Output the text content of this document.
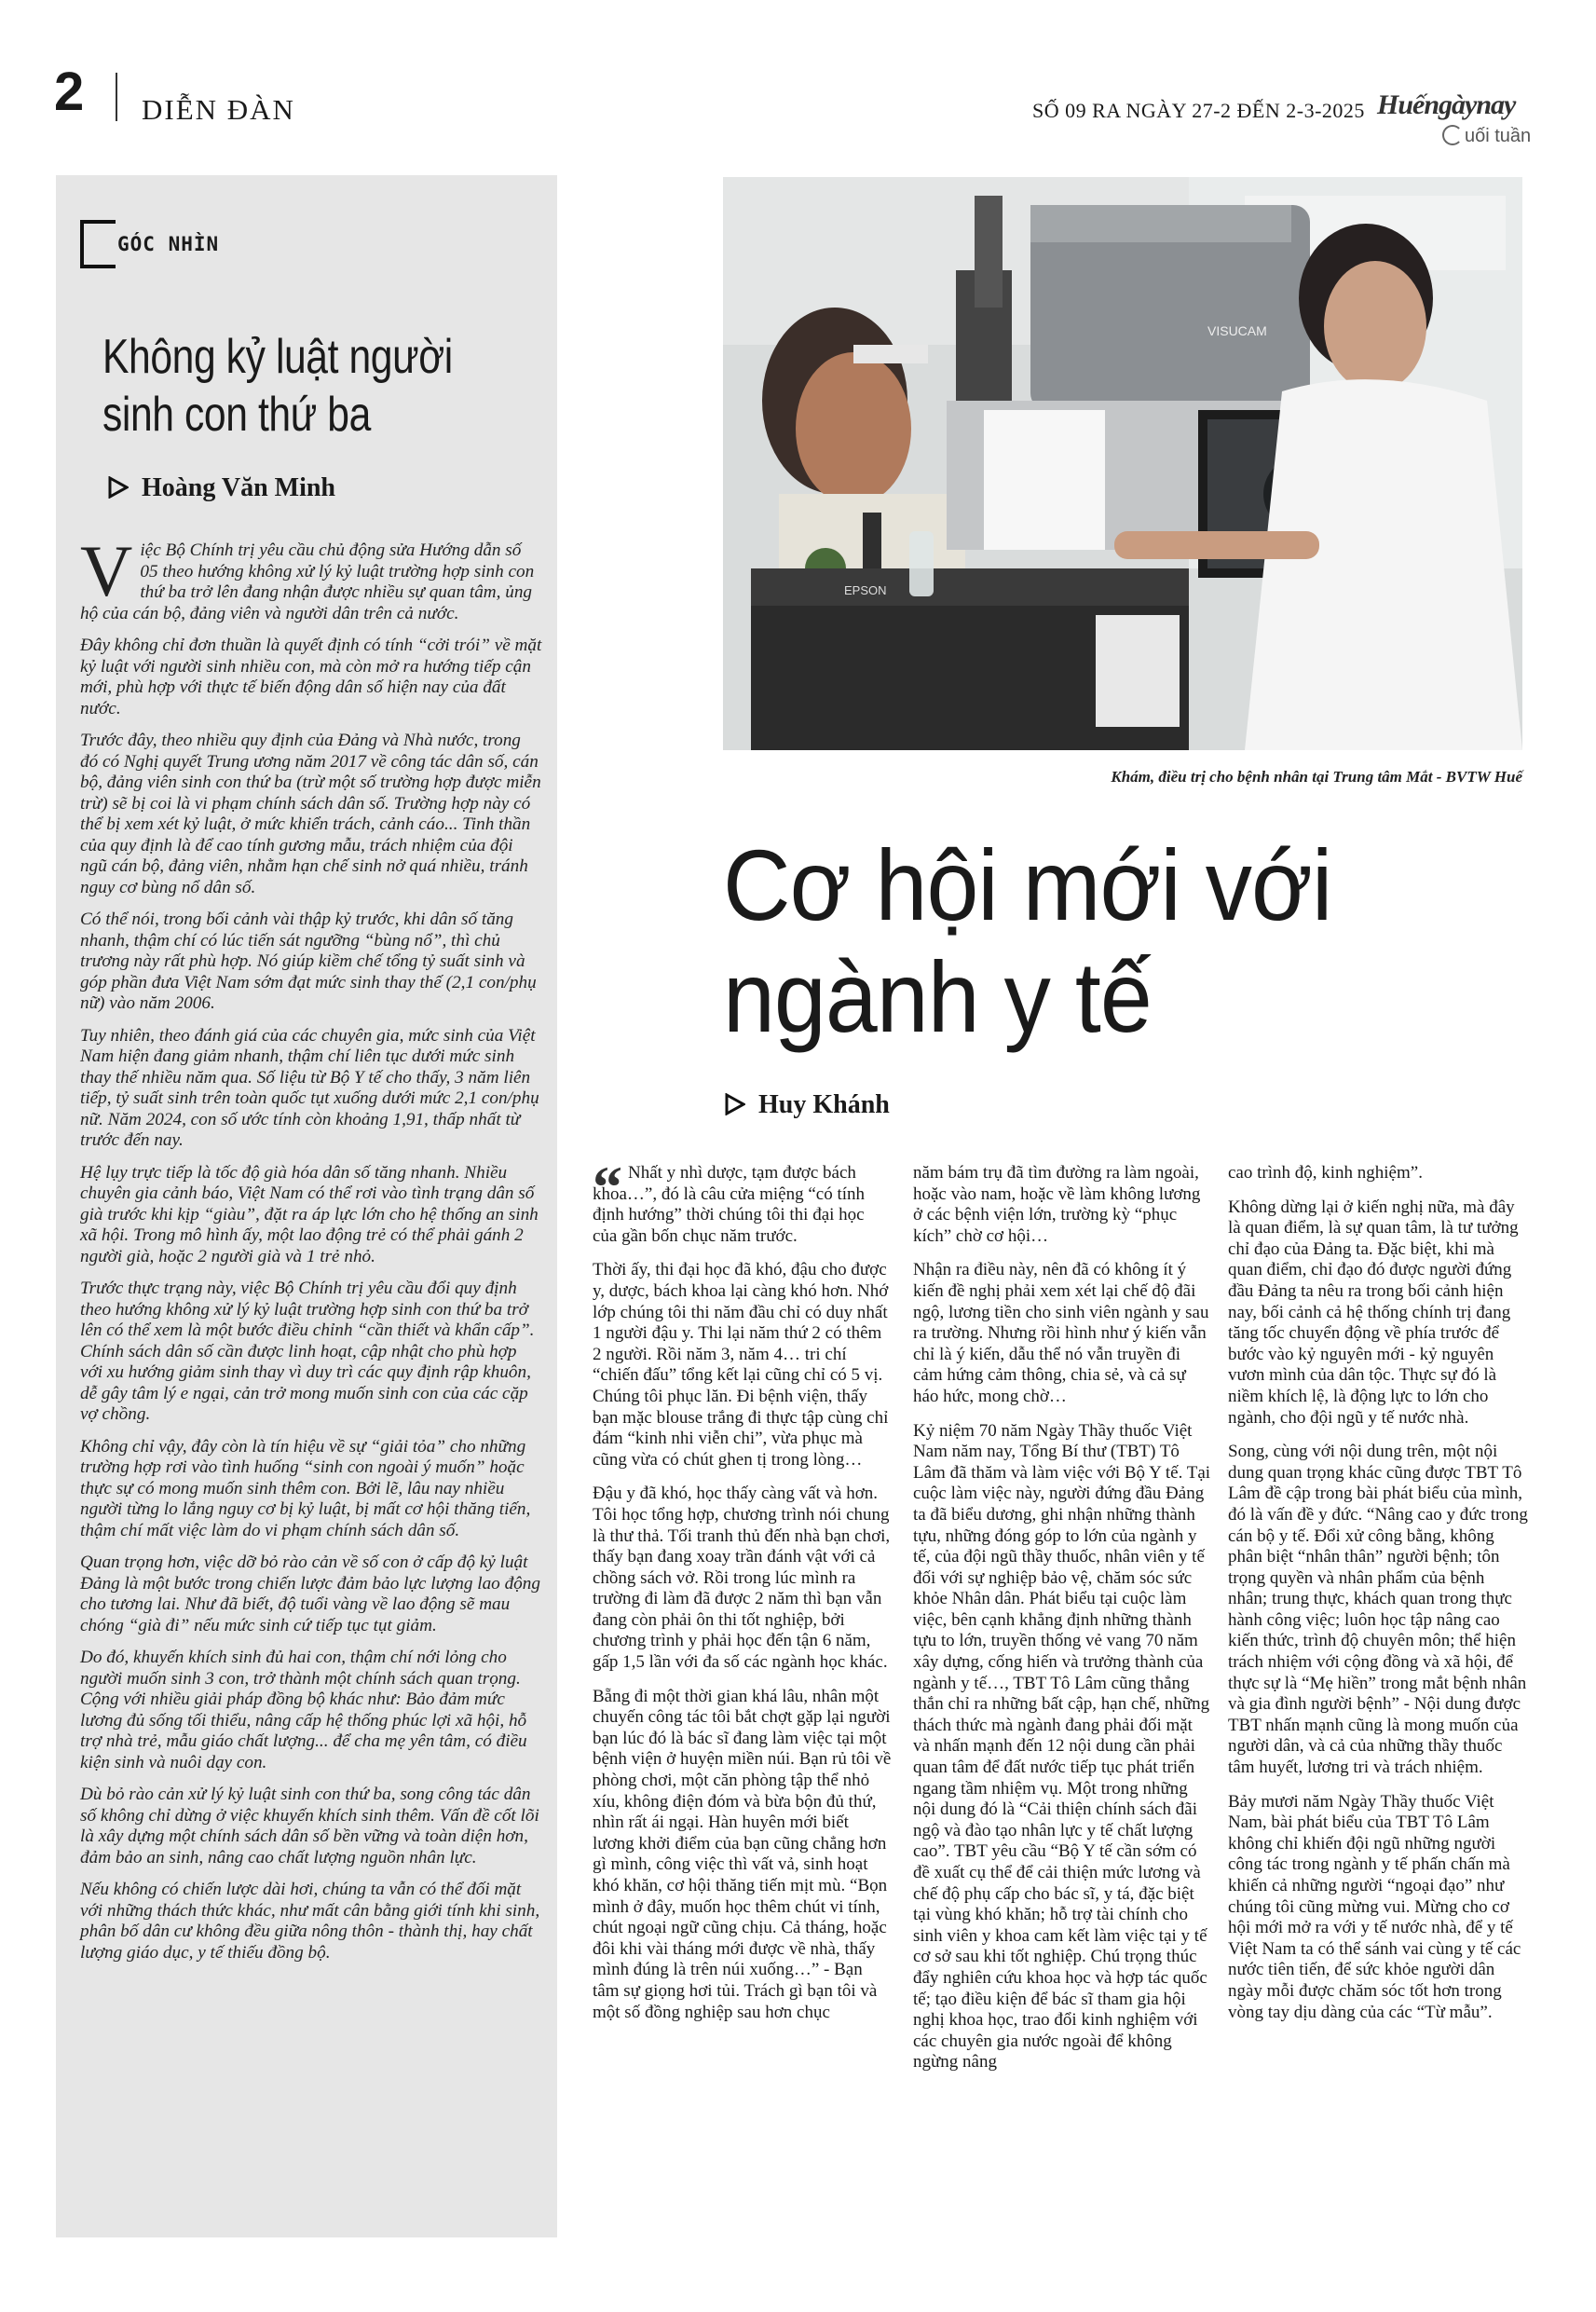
2 DIỄN ĐÀN	SỐ 09 RA NGÀY 27-2 ĐẾN 2-3-2025 Huếngàynay
uối tuần
GÓC NHÌN
Không kỷ luật người sinh con thứ ba
Hoàng Văn Minh

Việc Bộ Chính trị yêu cầu chủ động sửa Hướng dẫn số 05 theo hướng không xử lý kỷ luật trường hợp sinh con thứ ba trở lên đang nhận được nhiều sự quan tâm, ủng hộ của cán bộ, đảng viên và người dân trên cả nước.

Đây không chỉ đơn thuần là quyết định có tính “cởi trói” về mặt kỷ luật với người sinh nhiều con, mà còn mở ra hướng tiếp cận mới, phù hợp với thực tế biến động dân số hiện nay của đất nước.

Trước đây, theo nhiều quy định của Đảng và Nhà nước, trong đó có Nghị quyết Trung ương năm 2017 về công tác dân số, cán bộ, đảng viên sinh con thứ ba (trừ một số trường hợp được miễn trừ) sẽ bị coi là vi phạm chính sách dân số. Trường hợp này có thể bị xem xét kỷ luật, ở mức khiển trách, cảnh cáo... Tinh thần của quy định là để cao tính gương mẫu, trách nhiệm của đội ngũ cán bộ, đảng viên, nhằm hạn chế sinh nở quá nhiều, tránh nguy cơ bùng nổ dân số.

Có thể nói, trong bối cảnh vài thập kỷ trước, khi dân số tăng nhanh, thậm chí có lúc tiến sát ngưỡng “bùng nổ”, thì chủ trương này rất phù hợp. Nó giúp kiềm chế tổng tỷ suất sinh và góp phần đưa Việt Nam sớm đạt mức sinh thay thế (2,1 con/phụ nữ) vào năm 2006.

Tuy nhiên, theo đánh giá của các chuyên gia, mức sinh của Việt Nam hiện đang giảm nhanh, thậm chí liên tục dưới mức sinh thay thế nhiều năm qua. Số liệu từ Bộ Y tế cho thấy, 3 năm liên tiếp, tỷ suất sinh trên toàn quốc tụt xuống dưới mức 2,1 con/phụ nữ. Năm 2024, con số ước tính còn khoảng 1,91, thấp nhất từ trước đến nay.

Hệ lụy trực tiếp là tốc độ già hóa dân số tăng nhanh. Nhiều chuyên gia cảnh báo, Việt Nam có thể rơi vào tình trạng dân số già trước khi kịp “giàu”, đặt ra áp lực lớn cho hệ thống an sinh xã hội. Trong mô hình ấy, một lao động trẻ có thể phải gánh 2 người già, hoặc 2 người già và 1 trẻ nhỏ.

Trước thực trạng này, việc Bộ Chính trị yêu cầu đổi quy định theo hướng không xử lý kỷ luật trường hợp sinh con thứ ba trở lên có thể xem là một bước điều chỉnh “cần thiết và khẩn cấp”. Chính sách dân số cần được linh hoạt, cập nhật cho phù hợp với xu hướng giảm sinh thay vì duy trì các quy định rập khuôn, dễ gây tâm lý e ngại, cản trở mong muốn sinh con của các cặp vợ chồng.

Không chỉ vậy, đây còn là tín hiệu về sự “giải tỏa” cho những trường hợp rơi vào tình huống “sinh con ngoài ý muốn” hoặc thực sự có mong muốn sinh thêm con. Bởi lẽ, lâu nay nhiều người từng lo lắng nguy cơ bị kỷ luật, bị mất cơ hội thăng tiến, thậm chí mất việc làm do vi phạm chính sách dân số.

Quan trọng hơn, việc dỡ bỏ rào cản về số con ở cấp độ kỷ luật Đảng là một bước trong chiến lược đảm bảo lực lượng lao động cho tương lai. Như đã biết, độ tuổi vàng về lao động sẽ mau chóng “già đi” nếu mức sinh cứ tiếp tục tụt giảm.

Do đó, khuyến khích sinh đủ hai con, thậm chí nới lỏng cho người muốn sinh 3 con, trở thành một chính sách quan trọng. Cộng với nhiều giải pháp đồng bộ khác như: Bảo đảm mức lương đủ sống tối thiểu, nâng cấp hệ thống phúc lợi xã hội, hỗ trợ nhà trẻ, mẫu giáo chất lượng... để cha mẹ yên tâm, có điều kiện sinh và nuôi dạy con.

Dù bỏ rào cản xử lý kỷ luật sinh con thứ ba, song công tác dân số không chỉ dừng ở việc khuyến khích sinh thêm. Vấn đề cốt lõi là xây dựng một chính sách dân số bền vững và toàn diện hơn, đảm bảo an sinh, nâng cao chất lượng nguồn nhân lực.

Nếu không có chiến lược dài hơi, chúng ta vẫn có thể đối mặt với những thách thức khác, như mất cân bằng giới tính khi sinh, phân bố dân cư không đều giữa nông thôn - thành thị, hay chất lượng giáo dục, y tế thiếu đồng bộ.

VISUCAM
EPSON
Khám, điều trị cho bệnh nhân tại Trung tâm Mắt - BVTW Huế
Cơ hội mới với ngành y tế
Huy Khánh
“ Nhất y nhì dược, tạm được bách khoa…”, đó là câu cửa miệng “có tính định hướng” thời chúng tôi thi đại học của gần bốn chục năm trước.

Thời ấy, thi đại học đã khó, đậu cho được y, dược, bách khoa lại càng khó hơn. Nhớ lớp chúng tôi thi năm đầu chỉ có duy nhất 1 người đậu y. Thi lại năm thứ 2 có thêm 2 người. Rồi năm 3, năm 4… tri chí “chiến đấu” tổng kết lại cũng chỉ có 5 vị. Chúng tôi phục lăn. Đi bệnh viện, thấy bạn mặc blouse trắng đi thực tập cùng chỉ đám “kinh nhi viễn chi”, vừa phục mà cũng vừa có chút ghen tị trong lòng…

Đậu y đã khó, học thấy càng vất và hơn. Tôi học tổng hợp, chương trình nói chung là thư thả. Tối tranh thủ đến nhà bạn chơi, thấy bạn đang xoay trần đánh vật với cả chồng sách vở. Rồi trong lúc mình ra trường đi làm đã được 2 năm thì bạn vẫn đang còn phải ôn thi tốt nghiệp, bởi chương trình y phải học đến tận 6 năm, gấp 1,5 lần với đa số các ngành học khác.

Bẵng đi một thời gian khá lâu, nhân một chuyến công tác tôi bắt chợt gặp lại người bạn lúc đó là bác sĩ đang làm việc tại một bệnh viện ở huyện miền núi. Bạn rủ tôi về phòng chơi, một căn phòng tập thể nhỏ xíu, không điện đóm và bừa bộn đủ thứ, nhìn rất ái ngại. Hàn huyên mới biết lương khởi điểm của bạn cũng chẳng hơn gì mình, công việc thì vất vả, sinh hoạt khó khăn, cơ hội thăng tiến mịt mù. “Bọn mình ở đây, muốn học thêm chút vi tính, chút ngoại ngữ cũng chịu. Cả tháng, hoặc đôi khi vài tháng mới được về nhà, thấy mình đúng là trên núi xuống…” - Bạn tâm sự giọng hơi tủi. Trách gì bạn tôi và một số đồng nghiệp sau hơn chục

năm bám trụ đã tìm đường ra làm ngoài, hoặc vào nam, hoặc về làm không lương ở các bệnh viện lớn, trường kỳ “phục kích” chờ cơ hội…

Nhận ra điều này, nên đã có không ít ý kiến đề nghị phải xem xét lại chế độ đãi ngộ, lương tiền cho sinh viên ngành y sau ra trường. Nhưng rồi hình như ý kiến vẫn chỉ là ý kiến, dẫu thể nó vẫn truyền đi cảm hứng cảm thông, chia sẻ, và cả sự háo hức, mong chờ…

Kỷ niệm 70 năm Ngày Thầy thuốc Việt Nam năm nay, Tổng Bí thư (TBT) Tô Lâm đã thăm và làm việc với Bộ Y tế. Tại cuộc làm việc này, người đứng đầu Đảng ta đã biểu dương, ghi nhận những thành tựu, những đóng góp to lớn của ngành y tế, của đội ngũ thầy thuốc, nhân viên y tế đối với sự nghiệp bảo vệ, chăm sóc sức khỏe Nhân dân. Phát biểu tại cuộc làm việc, bên cạnh khẳng định những thành tựu to lớn, truyền thống vẻ vang 70 năm xây dựng, cống hiến và trưởng thành của ngành y tế…, TBT Tô Lâm cũng thẳng thắn chỉ ra những bất cập, hạn chế, những thách thức mà ngành đang phải đối mặt và nhấn mạnh đến 12 nội dung cần phải quan tâm để đất nước tiếp tục phát triển ngang tầm nhiệm vụ. Một trong những nội dung đó là “Cải thiện chính sách đãi ngộ và đào tạo nhân lực y tế chất lượng cao”. TBT yêu cầu “Bộ Y tế cần sớm có đề xuất cụ thể để cải thiện mức lương và chế độ phụ cấp cho bác sĩ, y tá, đặc biệt tại vùng khó khăn; hỗ trợ tài chính cho sinh viên y khoa cam kết làm việc tại y tế cơ sở sau khi tốt nghiệp. Chú trọng thúc đẩy nghiên cứu khoa học và hợp tác quốc tế; tạo điều kiện để bác sĩ tham gia hội nghị khoa học, trao đổi kinh nghiệm với các chuyên gia nước ngoài để không ngừng nâng

cao trình độ, kinh nghiệm”.

Không dừng lại ở kiến nghị nữa, mà đây là quan điểm, là sự quan tâm, là tư tưởng chỉ đạo của Đảng ta. Đặc biệt, khi mà quan điểm, chỉ đạo đó được người đứng đầu Đảng ta nêu ra trong bối cảnh hiện nay, bối cảnh cả hệ thống chính trị đang tăng tốc chuyển động về phía trước để bước vào kỷ nguyên mới - kỷ nguyên vươn mình của dân tộc. Thực sự đó là niềm khích lệ, là động lực to lớn cho ngành, cho đội ngũ y tế nước nhà.

Song, cùng với nội dung trên, một nội dung quan trọng khác cũng được TBT Tô Lâm đề cập trong bài phát biểu của mình, đó là vấn đề y đức. “Nâng cao y đức trong cán bộ y tế. Đổi xử công bằng, không phân biệt “nhân thân” người bệnh; tôn trọng quyền và nhân phẩm của bệnh nhân; trung thực, khách quan trong thực hành công việc; luôn học tập nâng cao kiến thức, trình độ chuyên môn; thể hiện trách nhiệm với cộng đồng và xã hội, để thực sự là “Mẹ hiền” trong mắt bệnh nhân và gia đình người bệnh” - Nội dung được TBT nhấn mạnh cũng là mong muốn của người dân, và cả của những thầy thuốc tâm huyết, lương tri và trách nhiệm.

Bảy mươi năm Ngày Thầy thuốc Việt Nam, bài phát biểu của TBT Tô Lâm không chỉ khiến đội ngũ những người công tác trong ngành y tế phấn chấn mà khiến cả những người “ngoại đạo” như chúng tôi cũng mừng vui. Mừng cho cơ hội mới mở ra với y tế nước nhà, để y tế Việt Nam ta có thể sánh vai cùng y tế các nước tiên tiến, để sức khỏe người dân ngày mỗi được chăm sóc tốt hơn trong vòng tay dịu dàng của các “Từ mẫu”.
